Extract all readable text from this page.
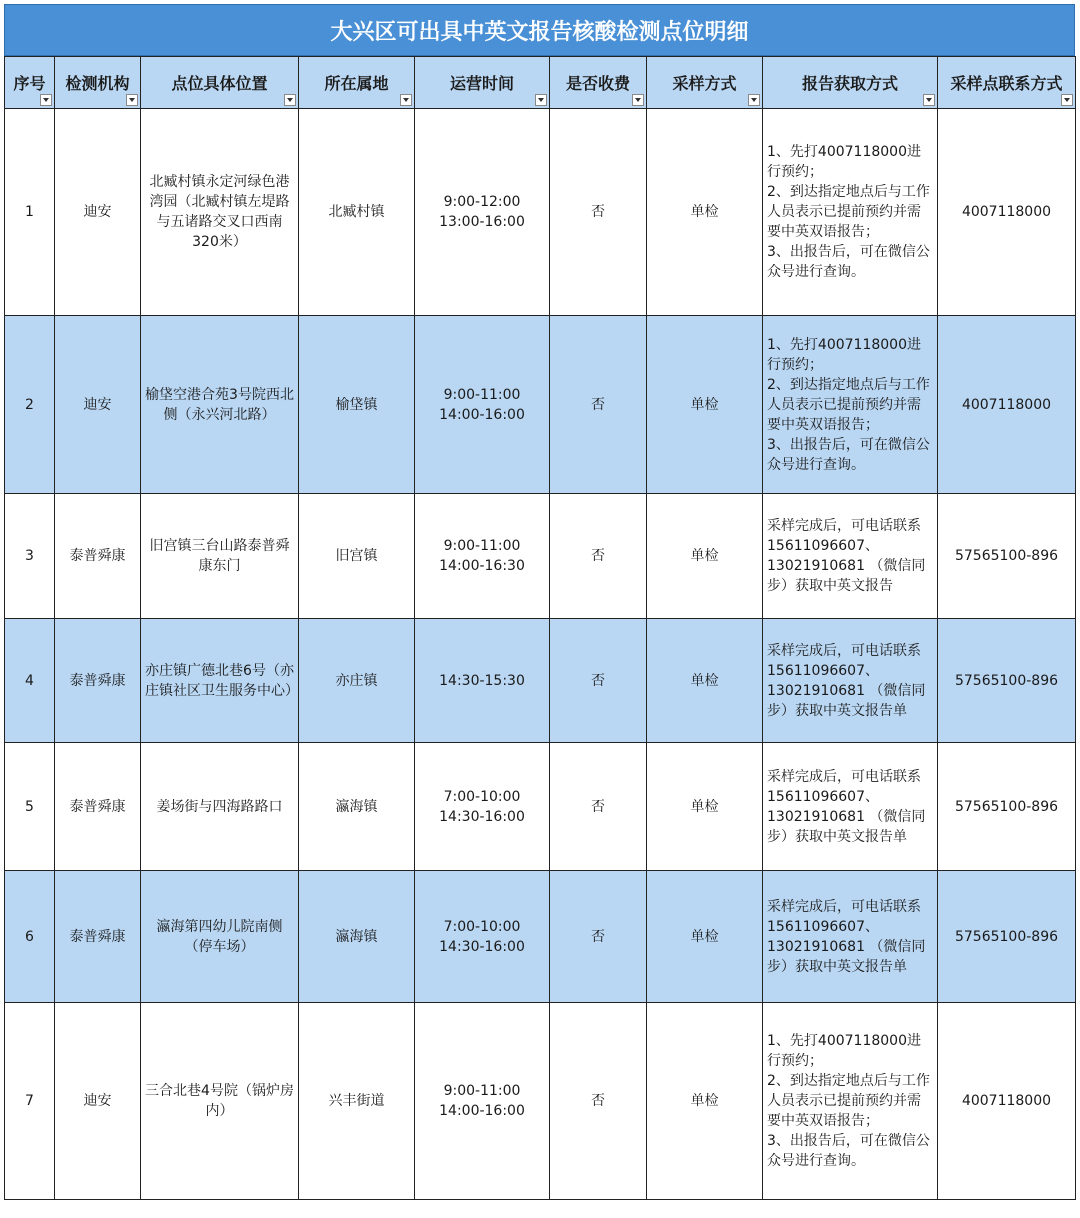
大兴区可出具中英文报告核酸检测点位明细
序号	检测机构	点位具体位置	所在属地	运营时间	是否收费	采样方式	报告获取方式	采样点联系方式

1	迪安	北臧村镇永定河绿色港湾园（北臧村镇左堤路与五诸路交叉口西南320米）	北臧村镇	9:00-12:00
13:00-16:00	否	单检	1、先打4007118000进行预约；
2、到达指定地点后与工作人员表示已提前预约并需要中英双语报告；
3、出报告后，可在微信公众号进行查询。	4007118000
2	迪安	榆垡空港合苑3号院西北侧（永兴河北路）	榆垡镇	9:00-11:00
14:00-16:00	否	单检	1、先打4007118000进行预约；
2、到达指定地点后与工作人员表示已提前预约并需要中英双语报告；
3、出报告后，可在微信公众号进行查询。	4007118000
3	泰普舜康	旧宫镇三台山路泰普舜康东门	旧宫镇	9:00-11:00
14:00-16:30	否	单检	采样完成后，可电话联系15611096607、13021910681 （微信同步）获取中英文报告	57565100-896
4	泰普舜康	亦庄镇广德北巷6号（亦庄镇社区卫生服务中心）	亦庄镇	14:30-15:30	否	单检	采样完成后，可电话联系15611096607、13021910681 （微信同步）获取中英文报告单	57565100-896
5	泰普舜康	姜场街与四海路路口	瀛海镇	7:00-10:00
14:30-16:00	否	单检	采样完成后，可电话联系15611096607、13021910681 （微信同步）获取中英文报告单	57565100-896
6	泰普舜康	瀛海第四幼儿院南侧（停车场）	瀛海镇	7:00-10:00
14:30-16:00	否	单检	采样完成后，可电话联系15611096607、13021910681 （微信同步）获取中英文报告单	57565100-896
7	迪安	三合北巷4号院（锅炉房内）	兴丰街道	9:00-11:00
14:00-16:00	否	单检	1、先打4007118000进行预约；
2、到达指定地点后与工作人员表示已提前预约并需要中英双语报告；
3、出报告后，可在微信公众号进行查询。	4007118000
